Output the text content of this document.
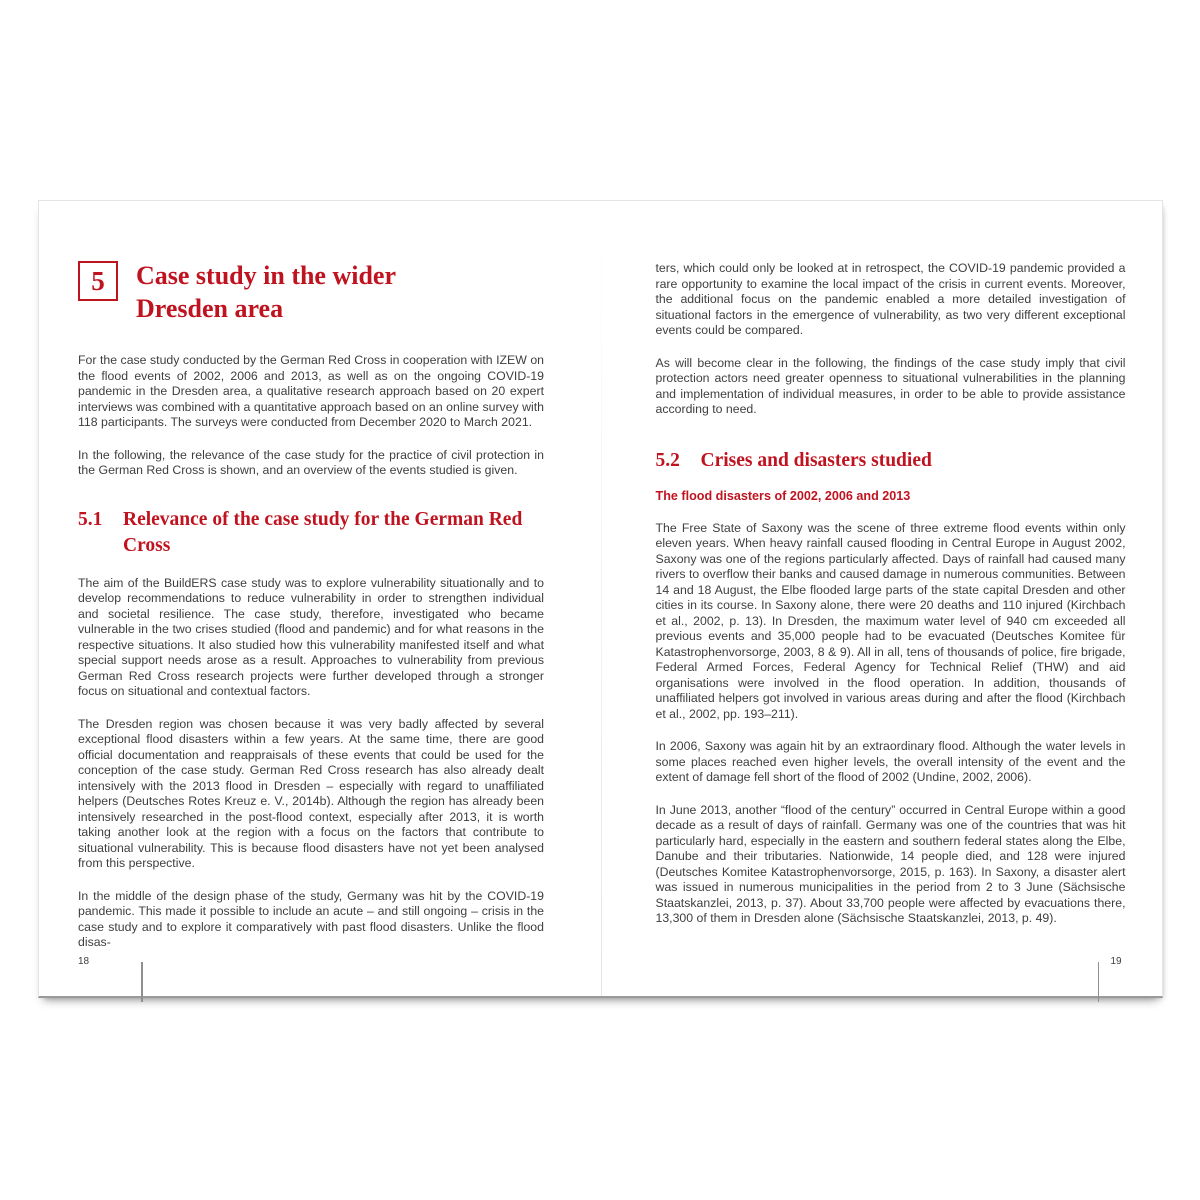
5 Case study in the wider Dresden area

For the case study conducted by the German Red Cross in cooperation with IZEW on the flood events of 2002, 2006 and 2013, as well as on the ongoing COVID-19 pandemic in the Dresden area, a qualitative research approach based on 20 expert interviews was combined with a quantitative approach based on an online survey with 118 participants. The surveys were conducted from December 2020 to March 2021.

In the following, the relevance of the case study for the practice of civil protection in the German Red Cross is shown, and an overview of the events studied is given.

5.1	Relevance of the case study for the German Red Cross

The aim of the BuildERS case study was to explore vulnerability situationally and to develop recommendations to reduce vulnerability in order to strengthen individual and societal resilience. The case study, therefore, investigated who became vulnerable in the two crises studied (flood and pandemic) and for what reasons in the respective situations. It also studied how this vulnerability manifested itself and what special support needs arose as a result. Approaches to vulnerability from previous German Red Cross research projects were further developed through a stronger focus on situational and contextual factors.

The Dresden region was chosen because it was very badly affected by several exceptional flood disasters within a few years. At the same time, there are good official documentation and reappraisals of these events that could be used for the conception of the case study. German Red Cross research has also already dealt intensively with the 2013 flood in Dresden – especially with regard to unaffiliated helpers (Deutsches Rotes Kreuz e. V., 2014b). Although the region has already been intensively researched in the post-flood context, especially after 2013, it is worth taking another look at the region with a focus on the factors that contribute to situational vulnerability. This is because flood disasters have not yet been analysed from this perspective.

In the middle of the design phase of the study, Germany was hit by the COVID-19 pandemic. This made it possible to include an acute – and still ongoing – crisis in the case study and to explore it comparatively with past flood disasters. Unlike the flood disas-

18

ters, which could only be looked at in retrospect, the COVID-19 pandemic provided a rare opportunity to examine the local impact of the crisis in current events. Moreover, the additional focus on the pandemic enabled a more detailed investigation of situational factors in the emergence of vulnerability, as two very different exceptional events could be compared.

As will become clear in the following, the findings of the case study imply that civil protection actors need greater openness to situational vulnerabilities in the planning and implementation of individual measures, in order to be able to provide assistance according to need.

5.2	Crises and disasters studied
The flood disasters of 2002, 2006 and 2013

The Free State of Saxony was the scene of three extreme flood events within only eleven years. When heavy rainfall caused flooding in Central Europe in August 2002, Saxony was one of the regions particularly affected. Days of rainfall had caused many rivers to overflow their banks and caused damage in numerous communities. Between 14 and 18 August, the Elbe flooded large parts of the state capital Dresden and other cities in its course. In Saxony alone, there were 20 deaths and 110 injured (Kirchbach et al., 2002, p. 13). In Dresden, the maximum water level of 940 cm exceeded all previous events and 35,000 people had to be evacuated (Deutsches Komitee für Katastrophenvorsorge, 2003, 8 & 9). All in all, tens of thousands of police, fire brigade, Federal Armed Forces, Federal Agency for Technical Relief (THW) and aid organisations were involved in the flood operation. In addition, thousands of unaffiliated helpers got involved in various areas during and after the flood (Kirchbach et al., 2002, pp. 193–211).

In 2006, Saxony was again hit by an extraordinary flood. Although the water levels in some places reached even higher levels, the overall intensity of the event and the extent of damage fell short of the flood of 2002 (Undine, 2002, 2006).

In June 2013, another “flood of the century” occurred in Central Europe within a good decade as a result of days of rainfall. Germany was one of the countries that was hit particularly hard, especially in the eastern and southern federal states along the Elbe, Danube and their tributaries. Nationwide, 14 people died, and 128 were injured (Deutsches Komitee Katastrophenvorsorge, 2015, p. 163). In Saxony, a disaster alert was issued in numerous municipalities in the period from 2 to 3 June (Sächsische Staatskanzlei, 2013, p. 37). About 33,700 people were affected by evacuations there, 13,300 of them in Dresden alone (Sächsische Staatskanzlei, 2013, p. 49).

19
